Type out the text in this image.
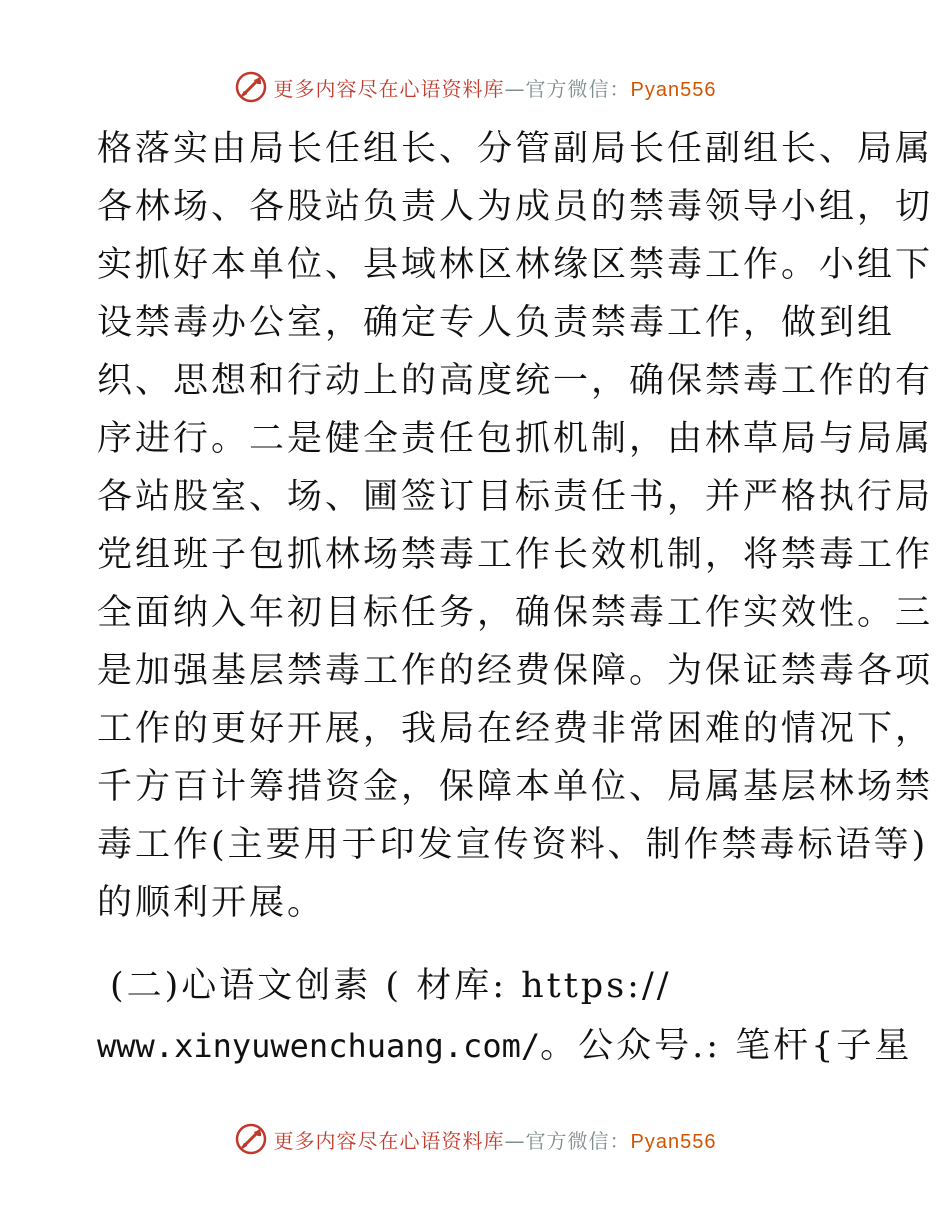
更多内容尽在心语资料库—官方微信：Pyan556
格落实由局长任组长、分管副局长任副组长、局属
各林场、各股站负责人为成员的禁毒领导小组，切
实抓好本单位、县域林区林缘区禁毒工作。小组下
设禁毒办公室，确定专人负责禁毒工作，做到组
织、思想和行动上的高度统一，确保禁毒工作的有
序进行。二是健全责任包抓机制，由林草局与局属
各站股室、场、圃签订目标责任书，并严格执行局
党组班子包抓林场禁毒工作长效机制，将禁毒工作
全面纳入年初目标任务，确保禁毒工作实效性。三
是加强基层禁毒工作的经费保障。为保证禁毒各项
工作的更好开展，我局在经费非常困难的情况下，
千方百计筹措资金，保障本单位、局属基层林场禁
毒工作(主要用于印发宣传资料、制作禁毒标语等)
的顺利开展。
(二)心语文创素 ( 材库: https://
www.xinyuwenchuang.com/。公众号.: 笔杆{子星
更多内容尽在心语资料库—官方微信：Pyan556
